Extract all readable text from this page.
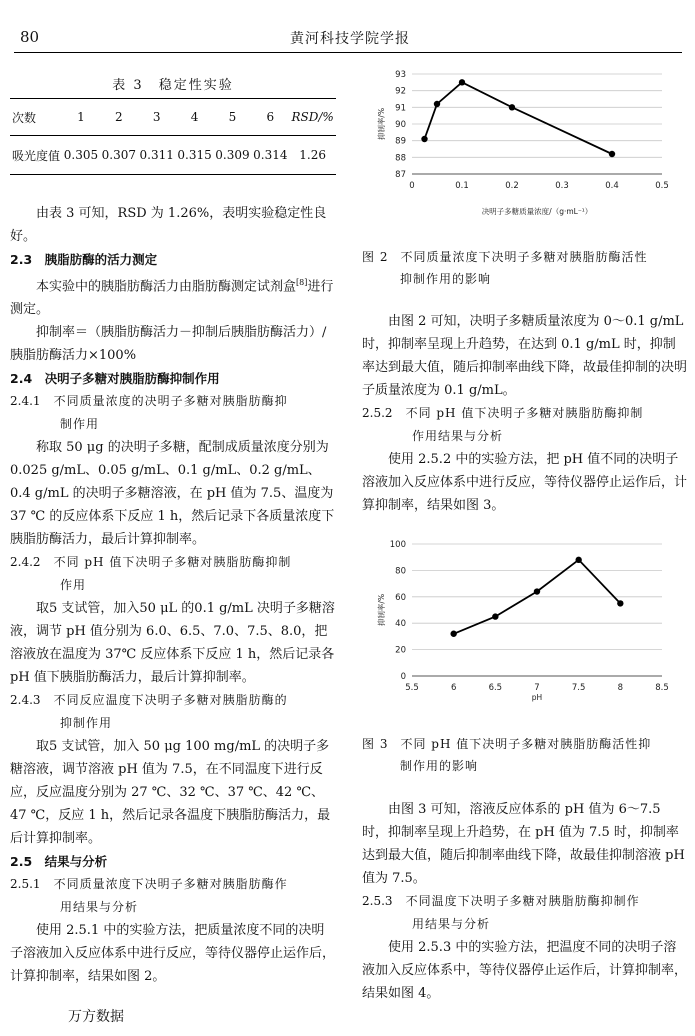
80	黄河科技学院学报
表 3　稳定性实验
次数	1	2	3	4	5	6	RSD/%
吸光度值	0.305	0.307	0.311	0.315	0.309	0.314	1.26

由表 3 可知，RSD 为 1.26%，表明实验稳定性良好。

2.3　胰脂肪酶的活力测定

本实验中的胰脂肪酶活力由脂肪酶测定试剂盒[8]进行测定。

抑制率＝（胰脂肪酶活力－抑制后胰脂肪酶活力）/胰脂肪酶活力×100%

2.4　决明子多糖对胰脂肪酶抑制作用

2.4.1　 不同质量浓度的决明子多糖对胰脂肪酶抑
制作用

称取 50 μg 的决明子多糖，配制成质量浓度分别为 0.025 g/mL、0.05 g/mL、0.1 g/mL、0.2 g/mL、0.4 g/mL 的决明子多糖溶液，在 pH 值为 7.5、温度为 37 ℃ 的反应体系下反应 1 h，然后记录下各质量浓度下胰脂肪酶活力，最后计算抑制率。

2.4.2　 不同 pH 值下决明子多糖对胰脂肪酶抑制
作用

取5 支试管，加入50 μL 的0.1 g/mL 决明子多糖溶液，调节 pH 值分别为 6.0、6.5、7.0、7.5、8.0，把溶液放在温度为 37℃ 反应体系下反应 1 h，然后记录各 pH 值下胰脂肪酶活力，最后计算抑制率。

2.4.3　 不同反应温度下决明子多糖对胰脂肪酶的
抑制作用

取5 支试管，加入 50 μg 100 mg/mL 的决明子多糖溶液，调节溶液 pH 值为 7.5，在不同温度下进行反应，反应温度分别为 27 ℃、32 ℃、37 ℃、42 ℃、47 ℃，反应 1 h，然后记录各温度下胰脂肪酶活力，最后计算抑制率。

2.5　结果与分析

2.5.1　 不同质量浓度下决明子多糖对胰脂肪酶作
用结果与分析

使用 2.5.1 中的实验方法，把质量浓度不同的决明子溶液加入反应体系中进行反应，等待仪器停止运作后，计算抑制率，结果如图 2。

87
88
89
90
91
92
93
0	0.1	0.2	0.3	0.4	0.5
抑制率/%
决明子多糖质量浓度/（g·mL⁻¹）
图 2 不同质量浓度下决明子多糖对胰脂肪酶活性
抑制作用的影响

由图 2 可知，决明子多糖质量浓度为 0～0.1 g/mL 时，抑制率呈现上升趋势，在达到 0.1 g/mL 时，抑制率达到最大值，随后抑制率曲线下降，故最佳抑制的决明子质量浓度为 0.1 g/mL。

2.5.2　 不同 pH 值下决明子多糖对胰脂肪酶抑制
作用结果与分析

使用 2.5.2 中的实验方法，把 pH 值不同的决明子溶液加入反应体系中进行反应，等待仪器停止运作后，计算抑制率，结果如图 3。

0
20
40
60
80
100
5.5	6	6.5	7	7.5	8	8.5
抑制率/%
pH
图 3 不同 pH 值下决明子多糖对胰脂肪酶活性抑
制作用的影响

由图 3 可知，溶液反应体系的 pH 值为 6～7.5 时，抑制率呈现上升趋势，在 pH 值为 7.5 时，抑制率达到最大值，随后抑制率曲线下降，故最佳抑制溶液 pH 值为 7.5。

2.5.3　 不同温度下决明子多糖对胰脂肪酶抑制作
用结果与分析

使用 2.5.3 中的实验方法，把温度不同的决明子溶液加入反应体系中，等待仪器停止运作后，计算抑制率，结果如图 4。

万方数据
